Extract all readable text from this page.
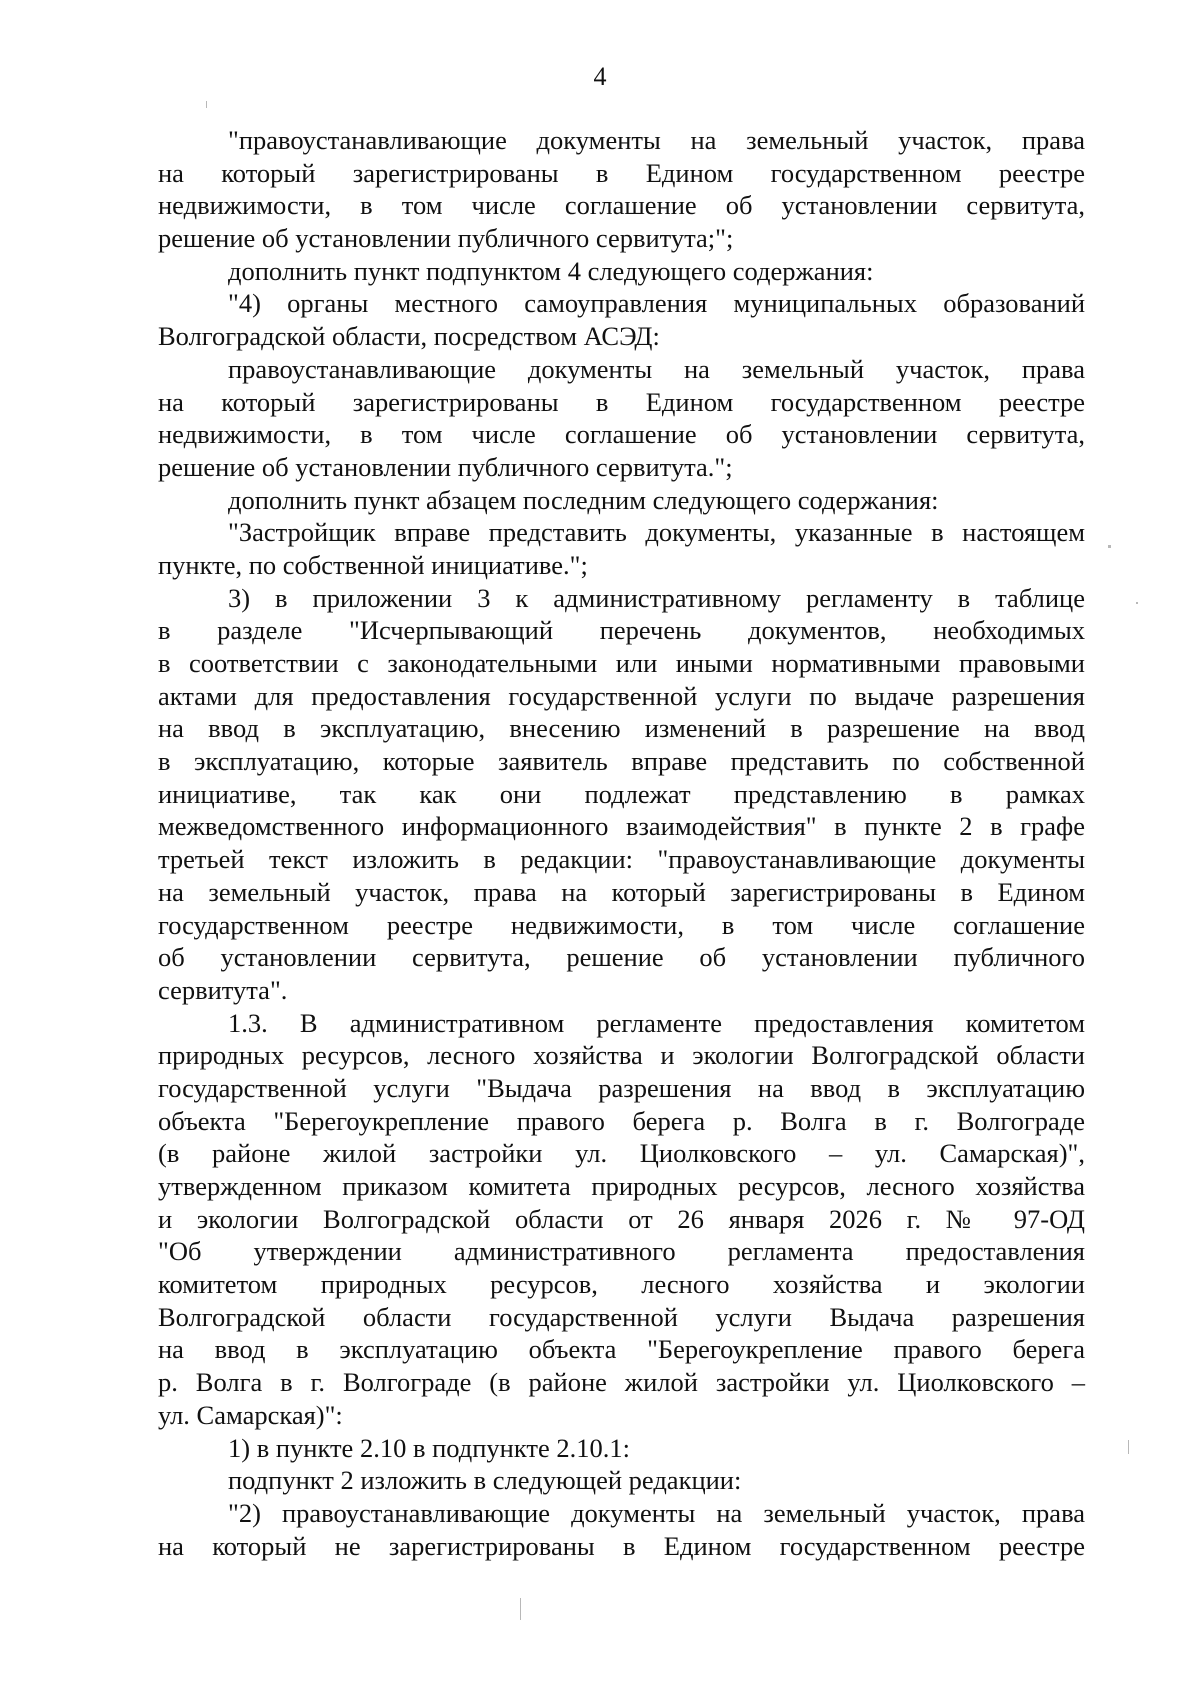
4
"правоустанавливающие документы на земельный участок, права
на который зарегистрированы в Едином государственном реестре
недвижимости, в том числе соглашение об установлении сервитута,
решение об установлении публичного сервитута;";
дополнить пункт подпунктом 4 следующего содержания:
"4) органы местного самоуправления муниципальных образований
Волгоградской области, посредством АСЭД:
правоустанавливающие документы на земельный участок, права
на который зарегистрированы в Едином государственном реестре
недвижимости, в том числе соглашение об установлении сервитута,
решение об установлении публичного сервитута.";
дополнить пункт абзацем последним следующего содержания:
"Застройщик вправе представить документы, указанные в настоящем
пункте, по собственной инициативе.";
3) в приложении 3 к административному регламенту в таблице
в разделе "Исчерпывающий перечень документов, необходимых
в соответствии с законодательными или иными нормативными правовыми
актами для предоставления государственной услуги по выдаче разрешения
на ввод в эксплуатацию, внесению изменений в разрешение на ввод
в эксплуатацию, которые заявитель вправе представить по собственной
инициативе, так как они подлежат представлению в рамках
межведомственного информационного взаимодействия" в пункте 2 в графе
третьей текст изложить в редакции: "правоустанавливающие документы
на земельный участок, права на который зарегистрированы в Едином
государственном реестре недвижимости, в том числе соглашение
об установлении сервитута, решение об установлении публичного
сервитута".
1.3. В административном регламенте предоставления комитетом
природных ресурсов, лесного хозяйства и экологии Волгоградской области
государственной услуги "Выдача разрешения на ввод в эксплуатацию
объекта "Берегоукрепление правого берега р. Волга в г. Волгограде
(в районе жилой застройки ул. Циолковского – ул. Самарская)",
утвержденном приказом комитета природных ресурсов, лесного хозяйства
и экологии Волгоградской области от 26 января 2026 г. № 97-ОД
"Об утверждении административного регламента предоставления
комитетом природных ресурсов, лесного хозяйства и экологии
Волгоградской области государственной услуги Выдача разрешения
на ввод в эксплуатацию объекта "Берегоукрепление правого берега
р. Волга в г. Волгограде (в районе жилой застройки ул. Циолковского –
ул. Самарская)":
1) в пункте 2.10 в подпункте 2.10.1:
подпункт 2 изложить в следующей редакции:
"2) правоустанавливающие документы на земельный участок, права
на который не зарегистрированы в Едином государственном реестре
